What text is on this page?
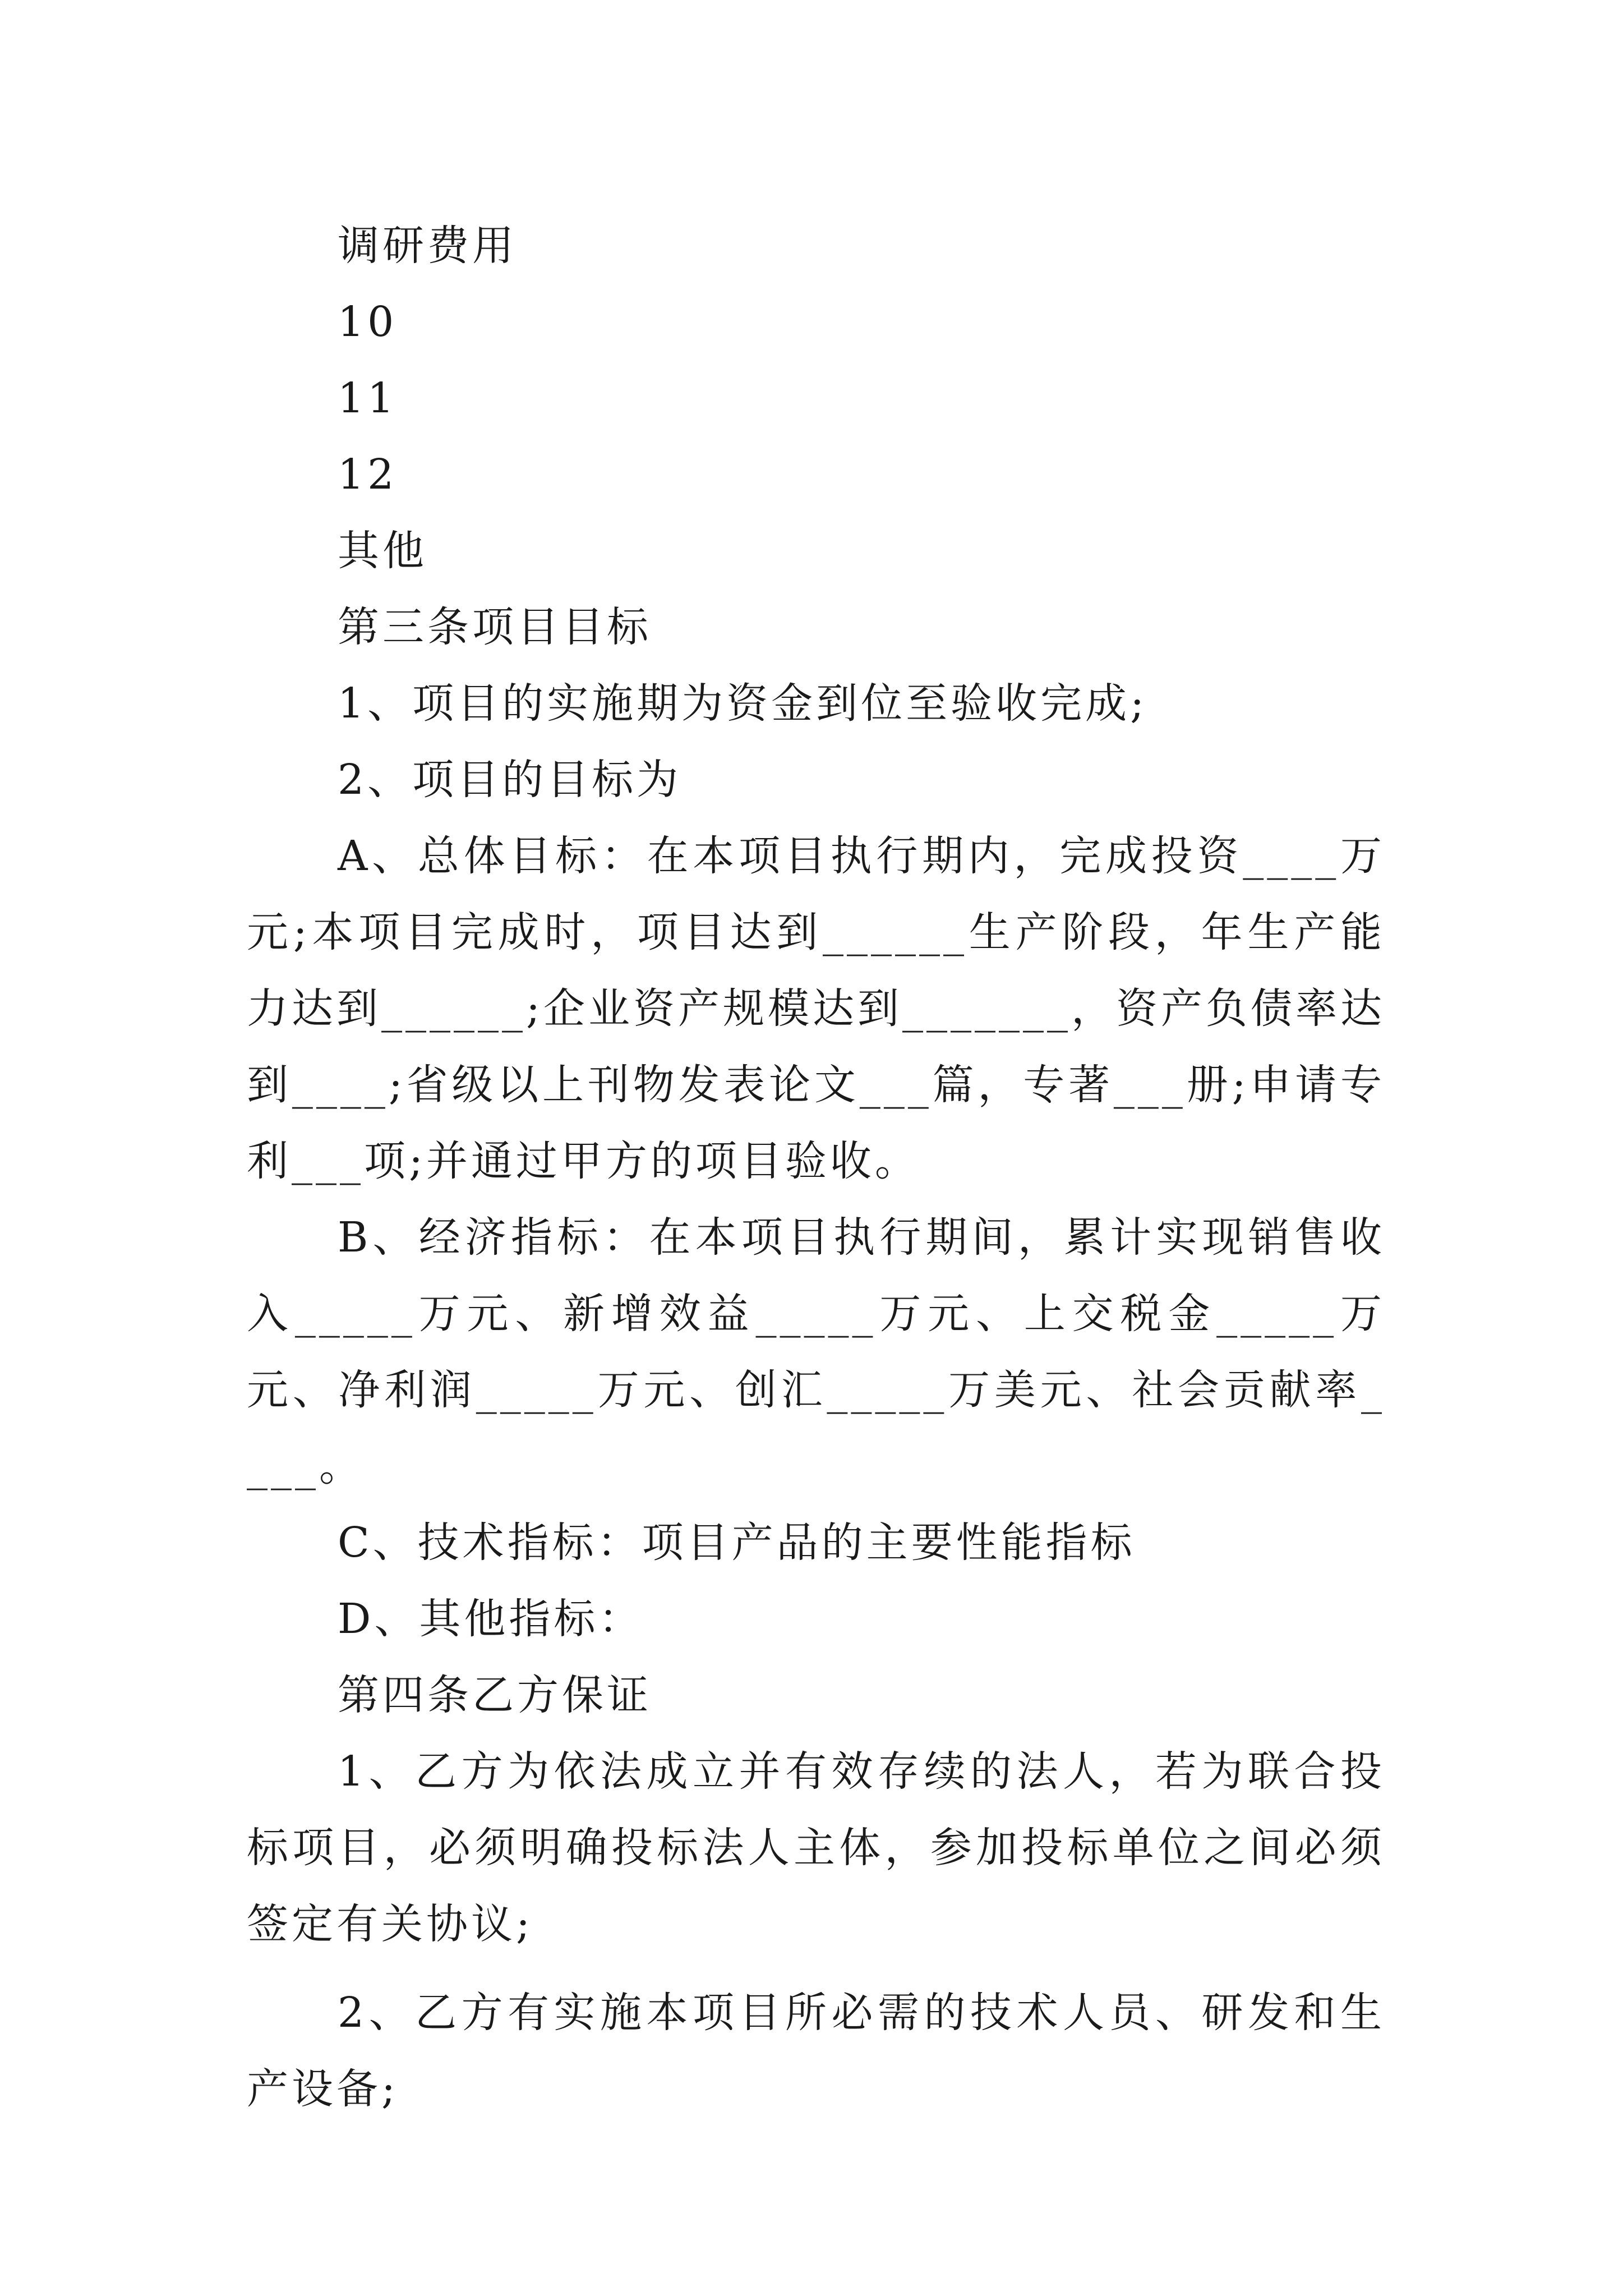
调研费用
10
11
12
其他
第三条项目目标
1、项目的实施期为资金到位至验收完成;
2、项目的目标为
A、总体目标：在本项目执行期内，完成投资____万元;本项目完成时，项目达到______生产阶段，年生产能力达到______;企业资产规模达到_______，资产负债率达到____;省级以上刊物发表论文___篇，专著___册;申请专利___项;并通过甲方的项目验收。
B、经济指标：在本项目执行期间，累计实现销售收入_____万元、新增效益_____万元、上交税金_____万元、净利润_____万元、创汇_____万美元、社会贡献率____。
C、技术指标：项目产品的主要性能指标
D、其他指标：
第四条乙方保证
1、乙方为依法成立并有效存续的法人，若为联合投标项目，必须明确投标法人主体，参加投标单位之间必须签定有关协议;
2、乙方有实施本项目所必需的技术人员、研发和生产设备;
